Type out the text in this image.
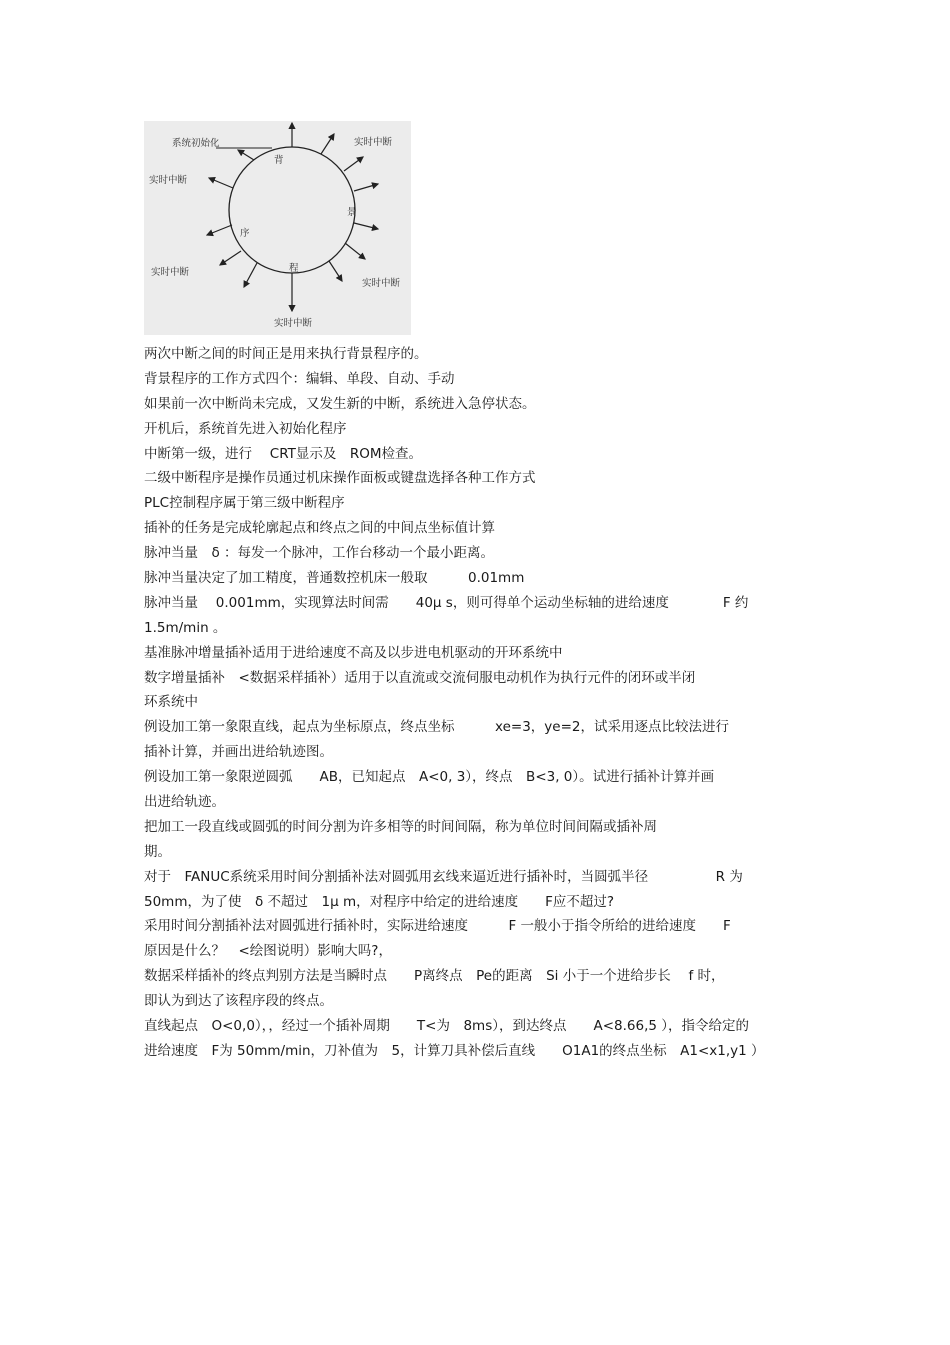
系统初始化	实时中断
实时中断
实时中断
实时中断
实时中断
背
景
程
序
两次中断之间的时间正是用来执行背景程序的。
背景程序的工作方式四个：编辑、单段、自动、手动
如果前一次中断尚未完成，又发生新的中断，系统进入急停状态。
开机后，系统首先进入初始化程序
中断第一级，进行　 CRT显示及　ROM检查。
二级中断程序是操作员通过机床操作面板或键盘选择各种工作方式
PLC控制程序属于第三级中断程序
插补的任务是完成轮廓起点和终点之间的中间点坐标值计算
脉冲当量　δ ：每发一个脉冲，工作台移动一个最小距离。
脉冲当量决定了加工精度，普通数控机床一般取　　　0.01mm
脉冲当量　 0.001mm，实现算法时间需　　40μ s，则可得单个运动坐标轴的进给速度　　　　F 约
1.5m/min 。
基准脉冲增量插补适用于进给速度不高及以步进电机驱动的开环系统中
数字增量插补　<数据采样插补）适用于以直流或交流伺服电动机作为执行元件的闭环或半闭
环系统中
例设加工第一象限直线，起点为坐标原点，终点坐标　　　xe=3，ye=2，试采用逐点比较法进行
插补计算，并画出进给轨迹图。
例设加工第一象限逆圆弧　　AB，已知起点　A<0, 3），终点　B<3, 0）。试进行插补计算并画
出进给轨迹。
把加工一段直线或圆弧的时间分割为许多相等的时间间隔，称为单位时间间隔或插补周
期。
对于　FANUC系统采用时间分割插补法对圆弧用玄线来逼近进行插补时，当圆弧半径　　　　　R 为
50mm，为了使　δ 不超过　1μ m，对程序中给定的进给速度　　F应不超过?
采用时间分割插补法对圆弧进行插补时，实际进给速度　　　F 一般小于指令所给的进给速度　　F
原因是什么？　<绘图说明）影响大吗?，
数据采样插补的终点判别方法是当瞬时点　　P离终点　Pe的距离　Si 小于一个进给步长　 f 时，
即认为到达了该程序段的终点。
直线起点　O<0,0），，经过一个插补周期　　T<为　8ms），到达终点　　A<8.66,5 ），指令给定的
进给速度　F为 50mm/min，刀补值为　5，计算刀具补偿后直线　　O1A1的终点坐标　A1<x1,y1 ）
